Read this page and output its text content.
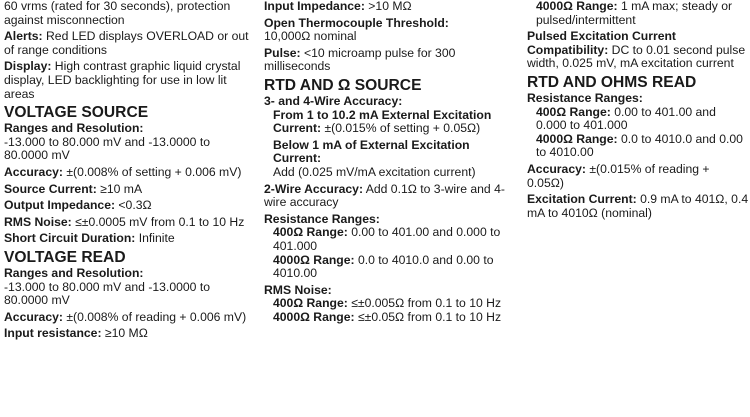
60 vrms (rated for 30 seconds), protection against misconnection

Alerts: Red LED displays OVERLOAD or out of range conditions

Display: High contrast graphic liquid crystal display, LED backlighting for use in low lit areas

VOLTAGE SOURCE

Ranges and Resolution:

-13.000 to 80.000 mV and -13.0000 to 80.0000 mV

Accuracy: ±(0.008% of setting + 0.006 mV)

Source Current: ≥10 mA

Output Impedance: <0.3Ω

RMS Noise: ≤±0.0005 mV from 0.1 to 10 Hz

Short Circuit Duration: Infinite

VOLTAGE READ

Ranges and Resolution:

-13.000 to 80.000 mV and -13.0000 to 80.0000 mV

Accuracy: ±(0.008% of reading + 0.006 mV)

Input resistance: ≥10 MΩ

Input Impedance: >10 MΩ

Open Thermocouple Threshold:

10,000Ω nominal

Pulse: <10 microamp pulse for 300 milliseconds

RTD AND Ω SOURCE

3- and 4-Wire Accuracy:

From 1 to 10.2 mA External Excitation Current: ±(0.015% of setting + 0.05Ω)

Below 1 mA of External Excitation Current:

Add (0.025 mV/mA excitation current)

2-Wire Accuracy: Add 0.1Ω to 3-wire and 4-wire accuracy

Resistance Ranges:

400Ω Range: 0.00 to 401.00 and 0.000 to 401.000

4000Ω Range: 0.0 to 4010.0 and 0.00 to 4010.00

RMS Noise:

400Ω Range: ≤±0.005Ω from 0.1 to 10 Hz

4000Ω Range: ≤±0.05Ω from 0.1 to 10 Hz

4000Ω Range: 1 mA max; steady or pulsed/intermittent

Pulsed Excitation Current Compatibility: DC to 0.01 second pulse width, 0.025 mV, mA excitation current

RTD AND OHMS READ

Resistance Ranges:

400Ω Range: 0.00 to 401.00 and 0.000 to 401.000

4000Ω Range: 0.0 to 4010.0 and 0.00 to 4010.00

Accuracy: ±(0.015% of reading + 0.05Ω)

Excitation Current: 0.9 mA to 401Ω, 0.4 mA to 4010Ω (nominal)
